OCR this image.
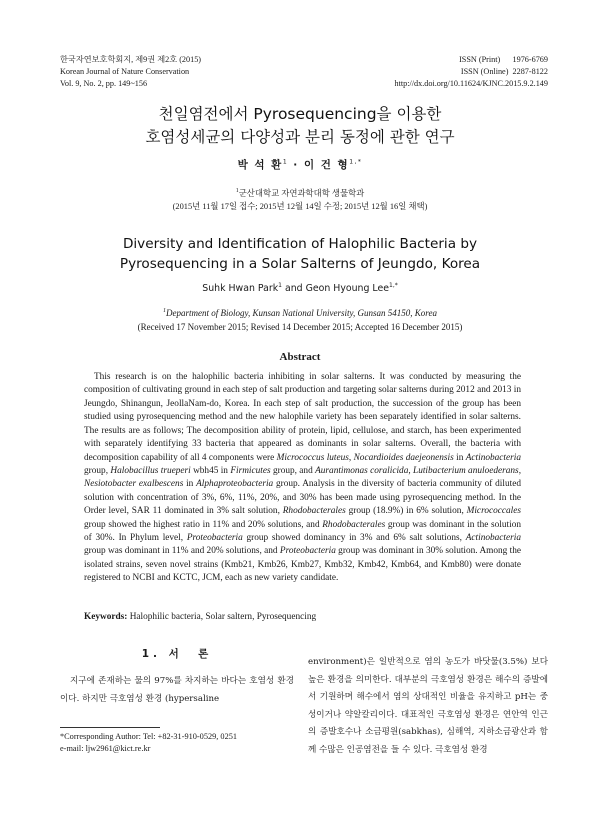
한국자연보호학회지, 제9권 제2호 (2015)
Korean Journal of Nature Conservation
Vol. 9, No. 2, pp. 149~156
ISSN (Print)      1976-6769
ISSN (Online)  2287-8122
http://dx.doi.org/10.11624/KJNC.2015.9.2.149
천일염전에서 Pyrosequencing을 이용한
호염성세균의 다양성과 분리 동정에 관한 연구
박 석 환$^1$ · 이 건 형$^{1,*}$
$^1$군산대학교 자연과학대학 생물학과
(2015년 11월 17일 접수; 2015년 12월 14일 수정; 2015년 12월 16일 채택)
Diversity and Identification of Halophilic Bacteria by
Pyrosequencing in a Solar Salterns of Jeungdo, Korea
Suhk Hwan Park$^1$ and Geon Hyoung Lee$^{1,*}$
$^1$Department of Biology, Kunsan National University, Gunsan 54150, Korea
(Received 17 November 2015; Revised 14 December 2015; Accepted 16 December 2015)
Abstract
This research is on the halophilic bacteria inhibiting in solar salterns. It was conducted by measuring the composition of cultivating ground in each step of salt production and targeting solar salterns during 2012 and 2013 in Jeungdo, Shinangun, JeollaNam-do, Korea. In each step of salt production, the succession of the group has been studied using pyrosequencing method and the new halophile variety has been separately identified in solar salterns. The results are as follows; The decomposition ability of protein, lipid, cellulose, and starch, has been experimented with separately identifying 33 bacteria that appeared as dominants in solar salterns. Overall, the bacteria with decomposition capability of all 4 components were Micrococcus luteus, Nocardioides daejeonensis in Actinobacteria group, Halobacillus trueperi wbh45 in Firmicutes group, and Aurantimonas coralicida, Lutibacterium anuloederans, Nesiotobacter exalbescens in Alphaproteobacteria group. Analysis in the diversity of bacteria community of diluted solution with concentration of 3%, 6%, 11%, 20%, and 30% has been made using pyrosequencing method. In the Order level, SAR 11 dominated in 3% salt solution, Rhodobacterales group (18.9%) in 6% solution, Micrococcales group showed the highest ratio in 11% and 20% solutions, and Rhodobacterales group was dominant in the solution of 30%. In Phylum level, Proteobacteria group showed dominancy in 3% and 6% salt solutions, Actinobacteria group was dominant in 11% and 20% solutions, and Proteobacteria group was dominant in 30% solution. Among the isolated strains, seven novel strains (Kmb21, Kmb26, Kmb27, Kmb32, Kmb42, Kmb64, and Kmb80) were donate registered to NCBI and KCTC, JCM, each as new variety candidate.
Keywords: Halophilic bacteria, Solar saltern, Pyrosequencing
1. 서  론
지구에 존재하는 물의 97%를 차지하는 바다는 호염성 환경이다. 하지만 극호염성 환경 (hypersaline
environment)은 일반적으로 염의 농도가 바닷물(3.5%) 보다 높은 환경을 의미한다. 대부분의 극호염성 환경은 해수의 증발에서 기원하며 해수에서 염의 상대적인 비율을 유지하고 pH는 중성이거나 약알칼리이다. 대표적인 극호염성 환경은 연안역 인근의 증발호수나 소금평원(sabkhas), 심해역, 지하소금광산과 함께 수많은 인공염전을 들 수 있다. 극호염성 환경
*Corresponding Author: Tel: +82-31-910-0529, 0251
e-mail: ljw2961@kict.re.kr
